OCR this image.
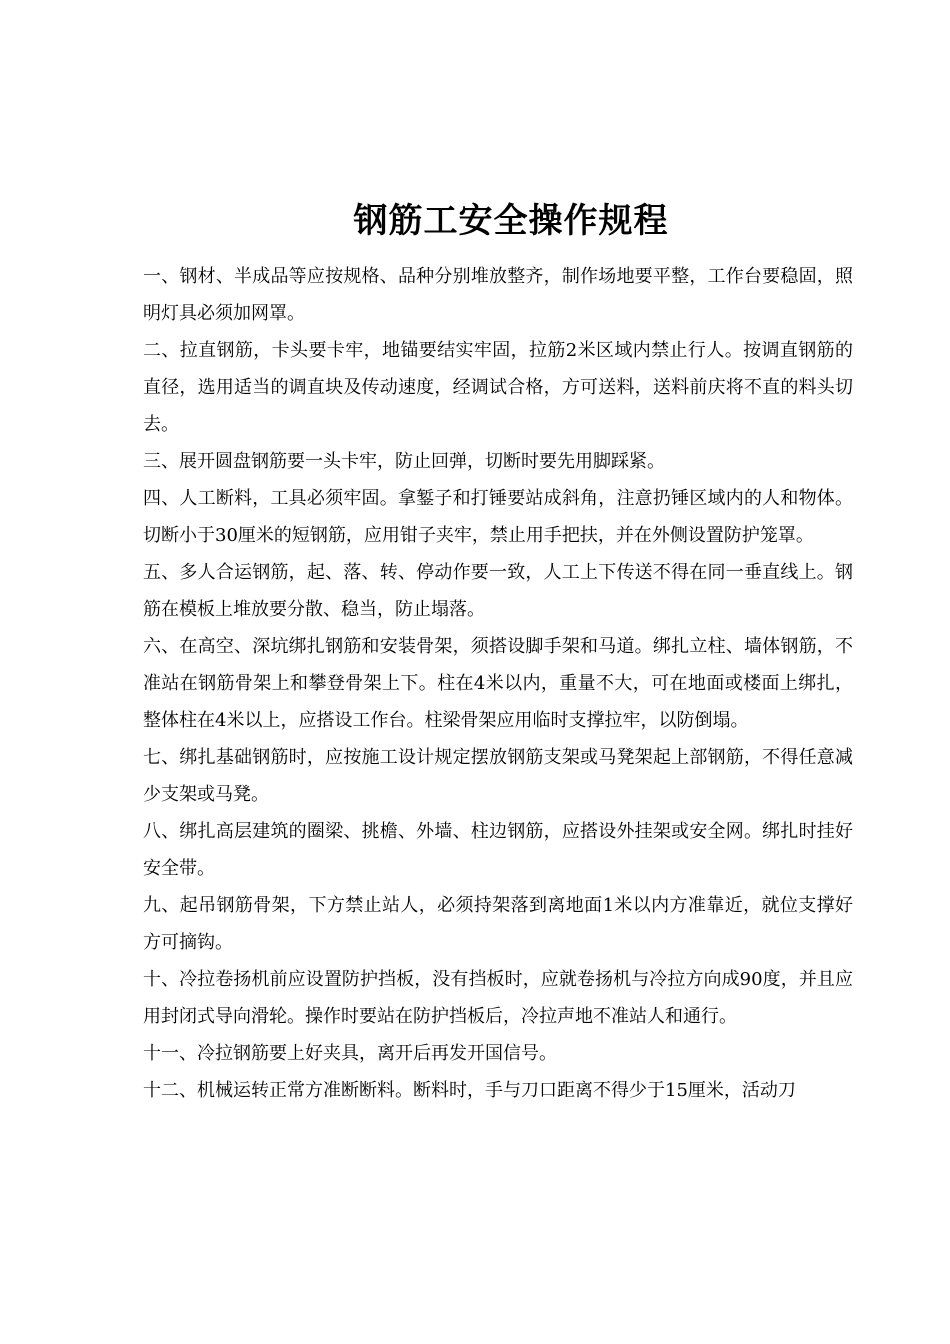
钢筋工安全操作规程

一、钢材、半成品等应按规格、品种分别堆放整齐，制作场地要平整，工作台要稳固，照明灯具必须加网罩。

二、拉直钢筋，卡头要卡牢，地锚要结实牢固，拉筋2米区域内禁止行人。按调直钢筋的直径，选用适当的调直块及传动速度，经调试合格，方可送料，送料前庆将不直的料头切去。

三、展开圆盘钢筋要一头卡牢，防止回弹，切断时要先用脚踩紧。

四、人工断料，工具必须牢固。拿錾子和打锤要站成斜角，注意扔锤区域内的人和物体。切断小于30厘米的短钢筋，应用钳子夹牢，禁止用手把扶，并在外侧设置防护笼罩。

五、多人合运钢筋，起、落、转、停动作要一致，人工上下传送不得在同一垂直线上。钢筋在模板上堆放要分散、稳当，防止塌落。

六、在高空、深坑绑扎钢筋和安装骨架，须搭设脚手架和马道。绑扎立柱、墙体钢筋，不准站在钢筋骨架上和攀登骨架上下。柱在4米以内，重量不大，可在地面或楼面上绑扎，整体柱在4米以上，应搭设工作台。柱梁骨架应用临时支撑拉牢，以防倒塌。

七、绑扎基础钢筋时，应按施工设计规定摆放钢筋支架或马凳架起上部钢筋，不得任意减少支架或马凳。

八、绑扎高层建筑的圈梁、挑檐、外墙、柱边钢筋，应搭设外挂架或安全网。绑扎时挂好安全带。

九、起吊钢筋骨架，下方禁止站人，必须持架落到离地面1米以内方准靠近，就位支撑好方可摘钩。

十、冷拉卷扬机前应设置防护挡板，没有挡板时，应就卷扬机与冷拉方向成90度，并且应用封闭式导向滑轮。操作时要站在防护挡板后，冷拉声地不准站人和通行。

十一、冷拉钢筋要上好夹具，离开后再发开国信号。

十二、机械运转正常方准断断料。断料时，手与刀口距离不得少于15厘米，活动刀
